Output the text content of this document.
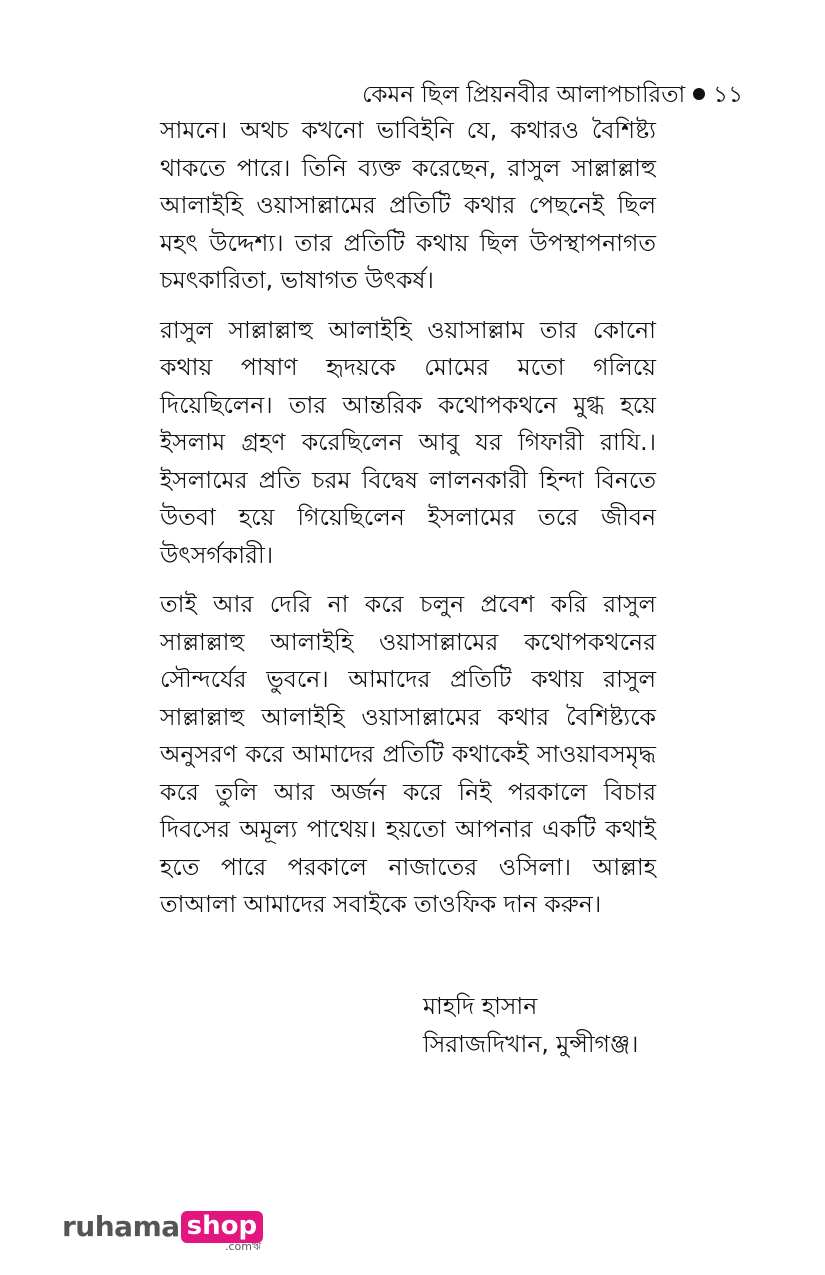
কেমন ছিল প্রিয়নবীর আলাপচারিতা ১১

সামনে। অথচ কখনো ভাবিইনি যে, কথারও বৈশিষ্ট্য থাকতে পারে। তিনি ব্যক্ত করেছেন, রাসুল সাল্লাল্লাহু আলাইহি ওয়াসাল্লামের প্রতিটি কথার পেছনেই ছিল মহৎ উদ্দেশ্য। তার প্রতিটি কথায় ছিল উপস্থাপনাগত চমৎকারিতা, ভাষাগত উৎকর্ষ।

রাসুল সাল্লাল্লাহু আলাইহি ওয়াসাল্লাম তার কোনো কথায় পাষাণ হৃদয়কে মোমের মতো গলিয়ে দিয়েছিলেন। তার আন্তরিক কথোপকথনে মুগ্ধ হয়ে ইসলাম গ্রহণ করেছিলেন আবু যর গিফারী রাযি.। ইসলামের প্রতি চরম বিদ্বেষ লালনকারী হিন্দা বিনতে উতবা হয়ে গিয়েছিলেন ইসলামের তরে জীবন উৎসর্গকারী।

তাই আর দেরি না করে চলুন প্রবেশ করি রাসুল সাল্লাল্লাহু আলাইহি ওয়াসাল্লামের কথোপকথনের সৌন্দর্যের ভুবনে। আমাদের প্রতিটি কথায় রাসুল সাল্লাল্লাহু আলাইহি ওয়াসাল্লামের কথার বৈশিষ্ট্যকে অনুসরণ করে আমাদের প্রতিটি কথাকেই সাওয়াবসমৃদ্ধ করে তুলি আর অর্জন করে নিই পরকালে বিচার দিবসের অমূল্য পাথেয়। হয়তো আপনার একটি কথাই হতে পারে পরকালে নাজাতের ওসিলা। আল্লাহ তাআলা আমাদের সবাইকে তাওফিক দান করুন।

মাহদি হাসান
সিরাজদিখান, মুন্সীগঞ্জ।
ruhama shop
.comঋ
